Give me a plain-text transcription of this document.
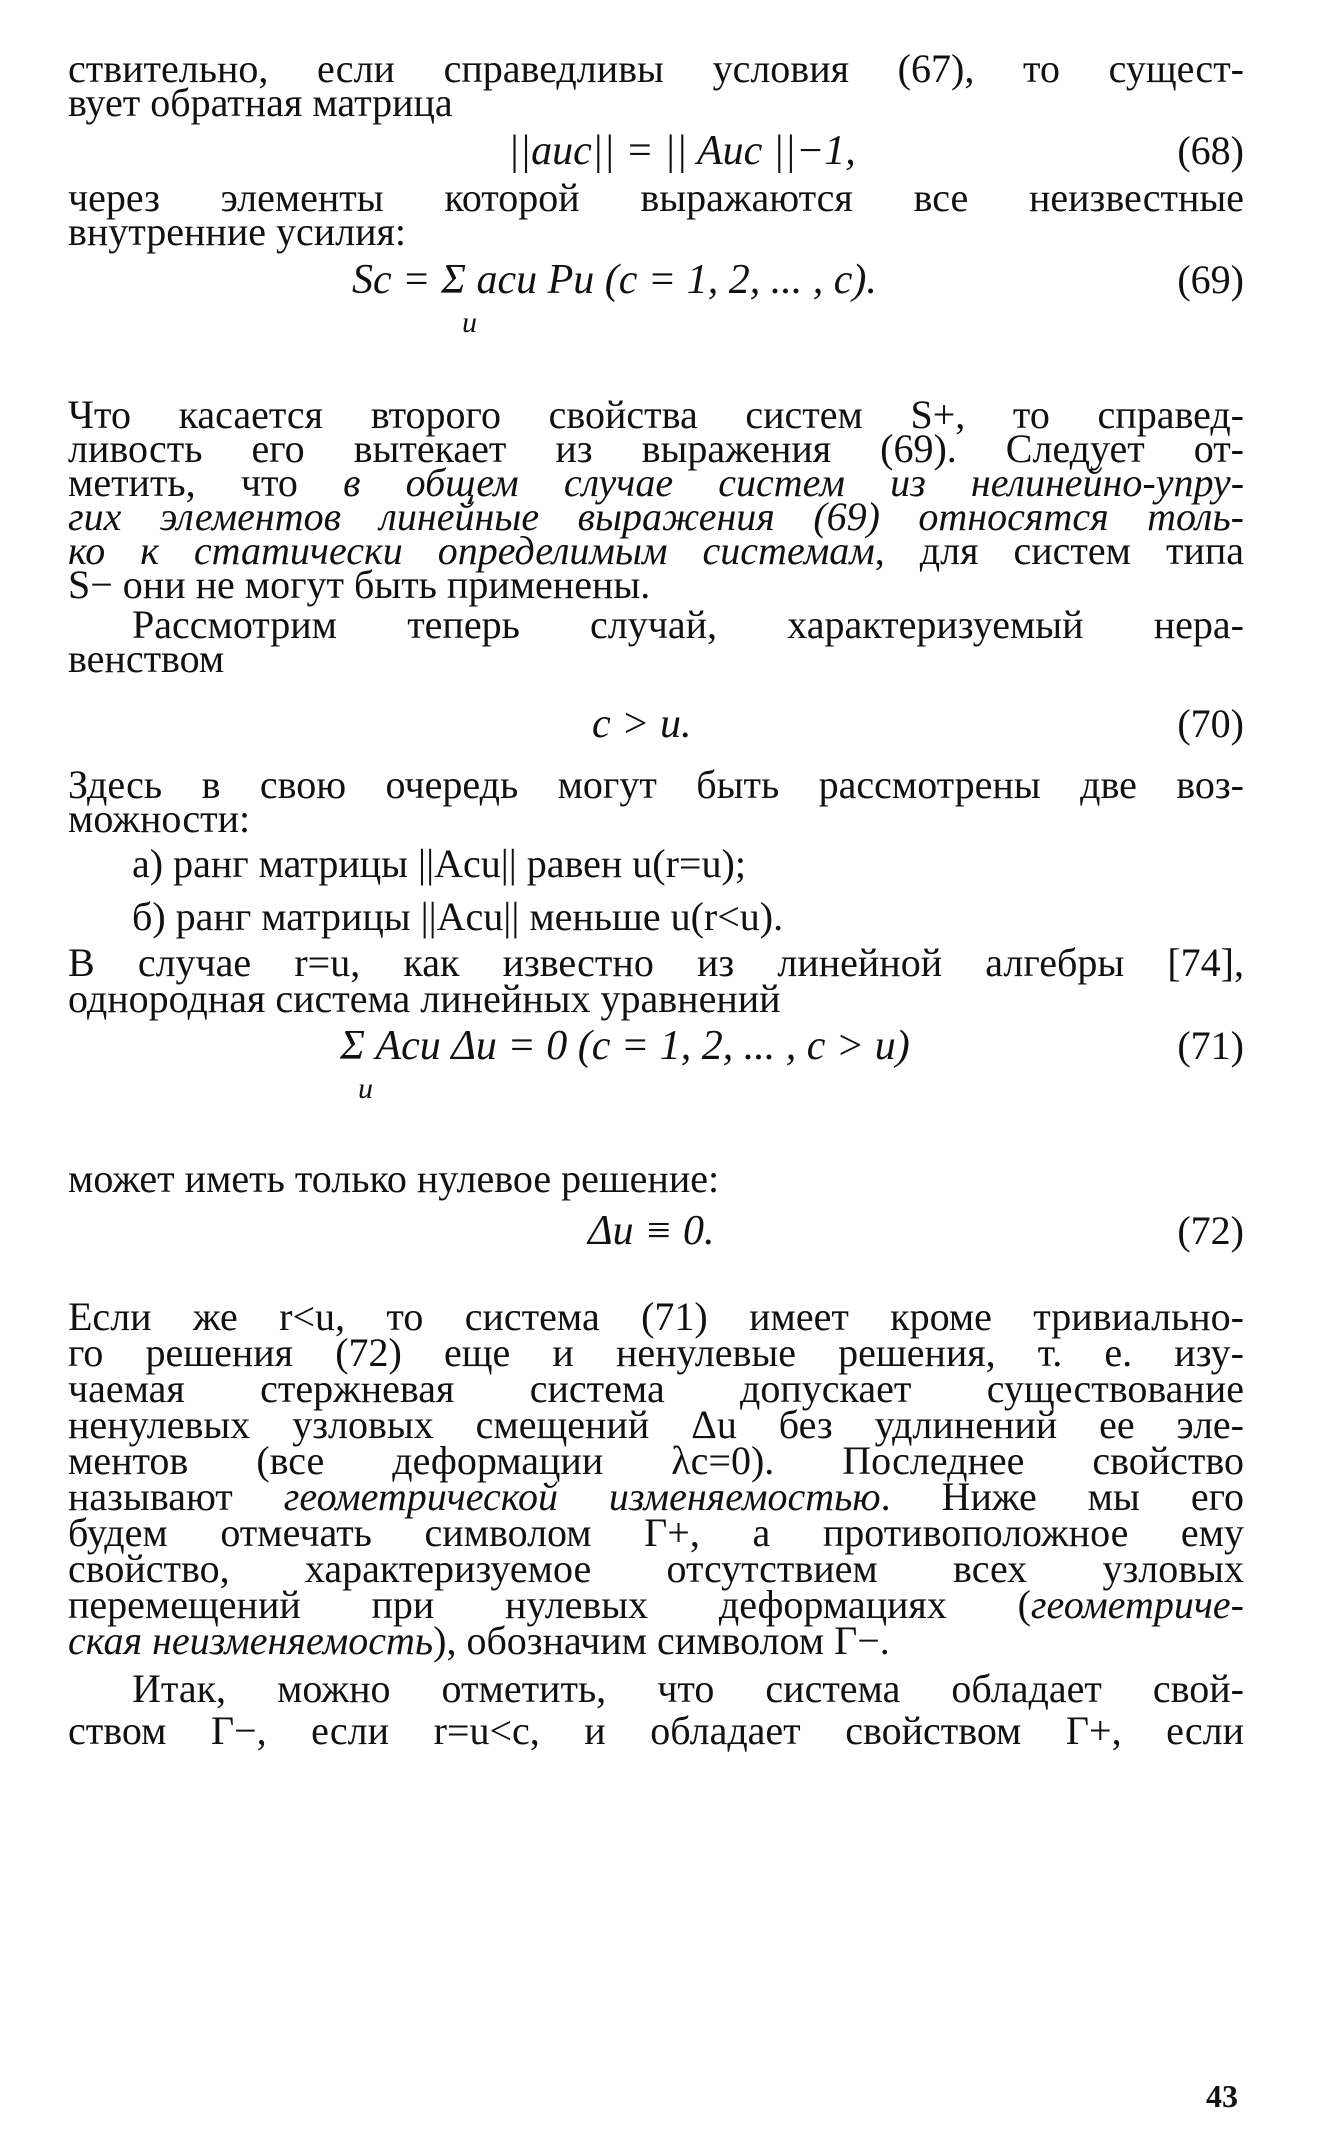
ствительно, если справедливы условия (67), то сущест-
вует обратная матрица
||auc|| = || Auc ||−1,	(68)
через элементы которой выражаются все неизвестные
внутренние усилия:
Sc = Σ acu Pu (c = 1, 2, ... , c).
u
(69)
Что касается второго свойства систем S+, то справед-
ливость его вытекает из выражения (69). Следует от-
метить, что в общем случае систем из нелинейно-упру-
гих элементов линейные выражения (69) относятся толь-
ко к статически определимым системам, для систем типа
S− они не могут быть применены.
Рассмотрим теперь случай, характеризуемый нера-
венством
c > u.	(70)
Здесь в свою очередь могут быть рассмотрены две воз-
можности:
а) ранг матрицы ||Acu|| равен u(r=u);
б) ранг матрицы ||Acu|| меньше u(r<u).
В случае r=u, как известно из линейной алгебры [74],
однородная система линейных уравнений
Σ Acu Δu = 0 (c = 1, 2, ... , c > u)
u
(71)
может иметь только нулевое решение:
Δu ≡ 0.	(72)
Если же r<u, то система (71) имеет кроме тривиально-
го решения (72) еще и ненулевые решения, т. е. изу-
чаемая стержневая система допускает существование
ненулевых узловых смещений Δu без удлинений ее эле-
ментов (все деформации λc=0). Последнее свойство
называют геометрической изменяемостью. Ниже мы его
будем отмечать символом Г+, а противоположное ему
свойство, характеризуемое отсутствием всех узловых
перемещений при нулевых деформациях (геометриче-
ская неизменяемость), обозначим символом Г−.
Итак, можно отметить, что система обладает свой-
ством Г−, если r=u<c, и обладает свойством Г+, если
43
